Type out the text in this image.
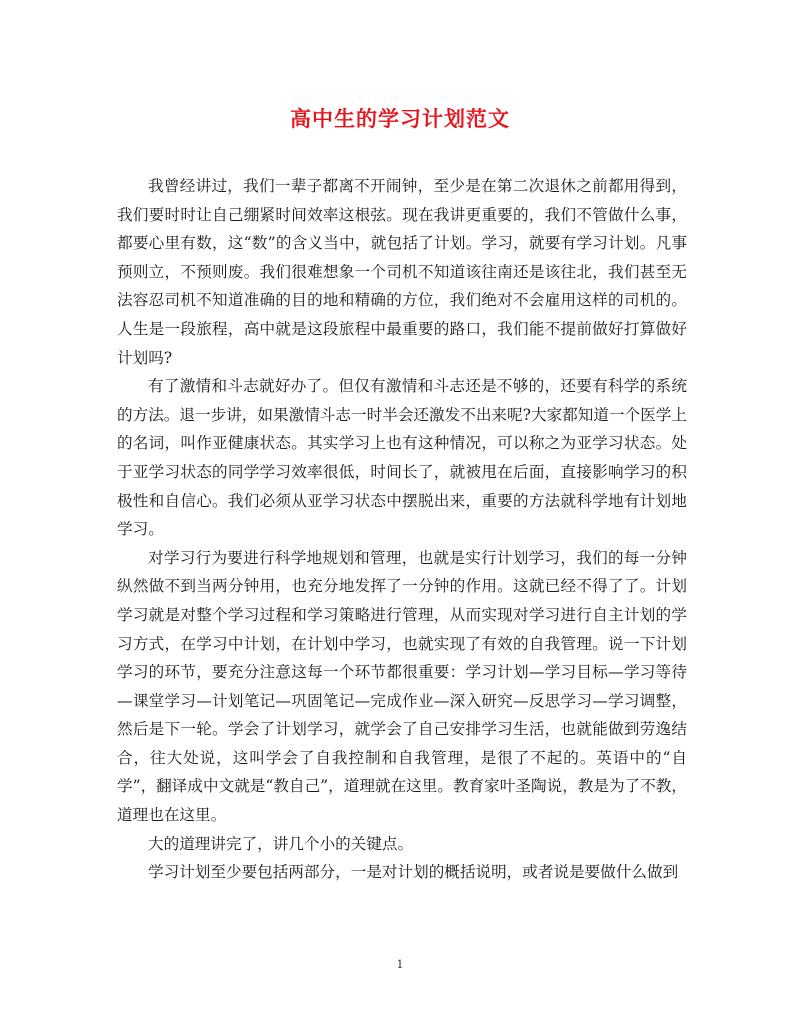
高中生的学习计划范文

我曾经讲过，我们一辈子都离不开闹钟，至少是在第二次退休之前都用得到，我们要时时让自己绷紧时间效率这根弦。现在我讲更重要的，我们不管做什么事，都要心里有数，这“数”的含义当中，就包括了计划。学习，就要有学习计划。凡事预则立，不预则废。我们很难想象一个司机不知道该往南还是该往北，我们甚至无法容忍司机不知道准确的目的地和精确的方位，我们绝对不会雇用这样的司机的。人生是一段旅程，高中就是这段旅程中最重要的路口，我们能不提前做好打算做好计划吗?

有了激情和斗志就好办了。但仅有激情和斗志还是不够的，还要有科学的系统的方法。退一步讲，如果激情斗志一时半会还激发不出来呢?大家都知道一个医学上的名词，叫作亚健康状态。其实学习上也有这种情况，可以称之为亚学习状态。处于亚学习状态的同学学习效率很低，时间长了，就被甩在后面，直接影响学习的积极性和自信心。我们必须从亚学习状态中摆脱出来，重要的方法就科学地有计划地学习。

对学习行为要进行科学地规划和管理，也就是实行计划学习，我们的每一分钟纵然做不到当两分钟用，也充分地发挥了一分钟的作用。这就已经不得了了。计划学习就是对整个学习过程和学习策略进行管理，从而实现对学习进行自主计划的学习方式，在学习中计划，在计划中学习，也就实现了有效的自我管理。说一下计划学习的环节，要充分注意这每一个环节都很重要：学习计划—学习目标—学习等待—课堂学习—计划笔记—巩固笔记—完成作业—深入研究—反思学习—学习调整，然后是下一轮。学会了计划学习，就学会了自己安排学习生活，也就能做到劳逸结合，往大处说，这叫学会了自我控制和自我管理，是很了不起的。英语中的“自学”，翻译成中文就是“教自己”，道理就在这里。教育家叶圣陶说，教是为了不教，道理也在这里。

大的道理讲完了，讲几个小的关键点。

学习计划至少要包括两部分，一是对计划的概括说明，或者说是要做什么做到

1
